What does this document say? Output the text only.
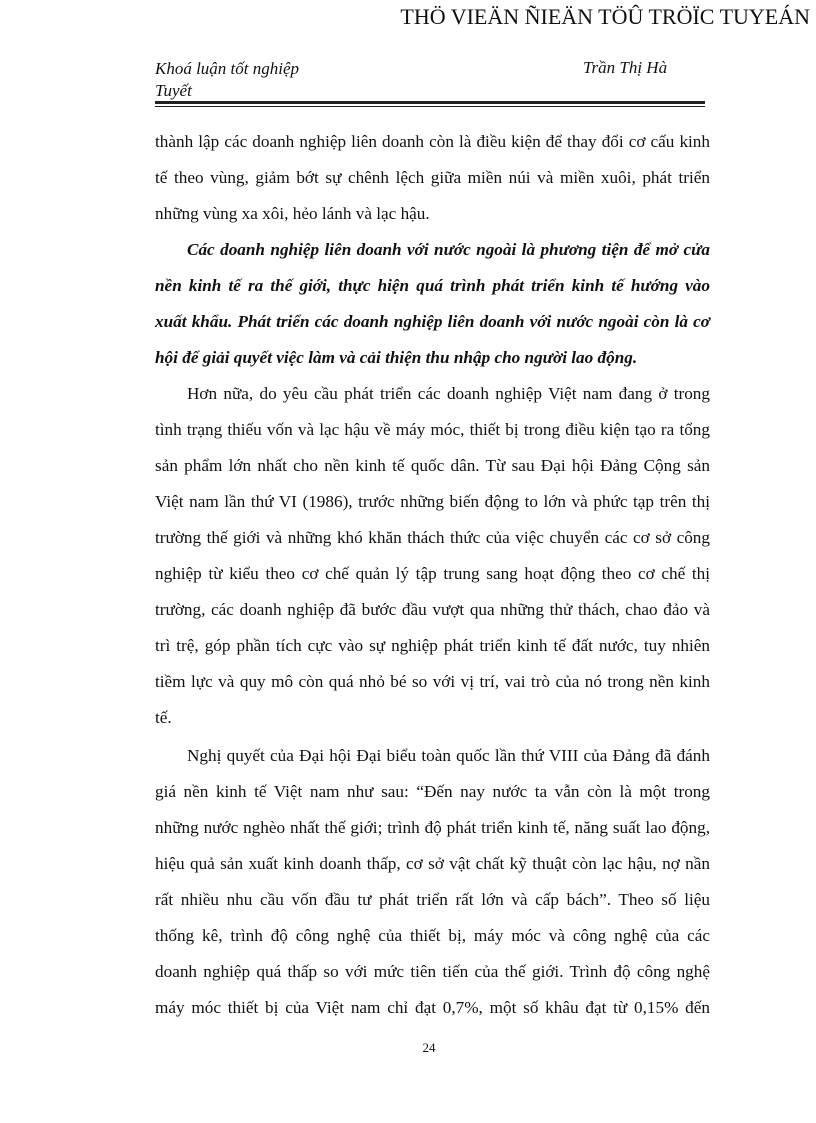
THÖ VIEÄN ÑIEÄN TÖÛ TRÖÏC TUYEÁN
Khoá luận tốt nghiệp
Tuyết
Trần Thị Hà
thành lập các doanh nghiệp liên doanh còn là điều kiện để thay đổi cơ cấu kinh
tế theo vùng, giảm bớt sự chênh lệch giữa miền núi và miền xuôi, phát triển
những vùng xa xôi, hẻo lánh và lạc hậu.
Các doanh nghiệp liên doanh với nước ngoài là phương tiện để mở cửa
nền kinh tế ra thế giới, thực hiện quá trình phát triển kinh tế hướng vào
xuất khẩu. Phát triển các doanh nghiệp liên doanh với nước ngoài còn là cơ
hội để giải quyết việc làm và cải thiện thu nhập cho người lao động.
Hơn nữa, do yêu cầu phát triển các doanh nghiệp Việt nam đang ở trong
tình trạng thiếu vốn và lạc hậu về máy móc, thiết bị trong điều kiện tạo ra tổng
sản phẩm lớn nhất cho nền kinh tế quốc dân. Từ sau Đại hội Đảng Cộng sản
Việt nam lần thứ VI (1986), trước những biến động to lớn và phức tạp trên thị
trường thế giới và những khó khăn thách thức của việc chuyển các cơ sở công
nghiệp từ kiểu theo cơ chế quản lý tập trung sang hoạt động theo cơ chế thị
trường, các doanh nghiệp đã bước đầu vượt qua những thử thách, chao đảo và
trì trệ, góp phần tích cực vào sự nghiệp phát triển kinh tế đất nước, tuy nhiên
tiềm lực và quy mô còn quá nhỏ bé so với vị trí, vai trò của nó trong nền kinh
tế.
Nghị quyết của Đại hội Đại biểu toàn quốc lần thứ VIII của Đảng đã đánh
giá nền kinh tế Việt nam như sau: “Đến nay nước ta vẫn còn là một trong
những nước nghèo nhất thế giới; trình độ phát triển kinh tế, năng suất lao động,
hiệu quả sản xuất kinh doanh thấp, cơ sở vật chất kỹ thuật còn lạc hậu, nợ nần
rất nhiều nhu cầu vốn đầu tư phát triển rất lớn và cấp bách”. Theo số liệu
thống kê, trình độ công nghệ của thiết bị, máy móc và công nghệ của các
doanh nghiệp quá thấp so với mức tiên tiến của thế giới. Trình độ công nghệ
máy móc thiết bị của Việt nam chỉ đạt 0,7%, một số khâu đạt từ 0,15% đến
24
